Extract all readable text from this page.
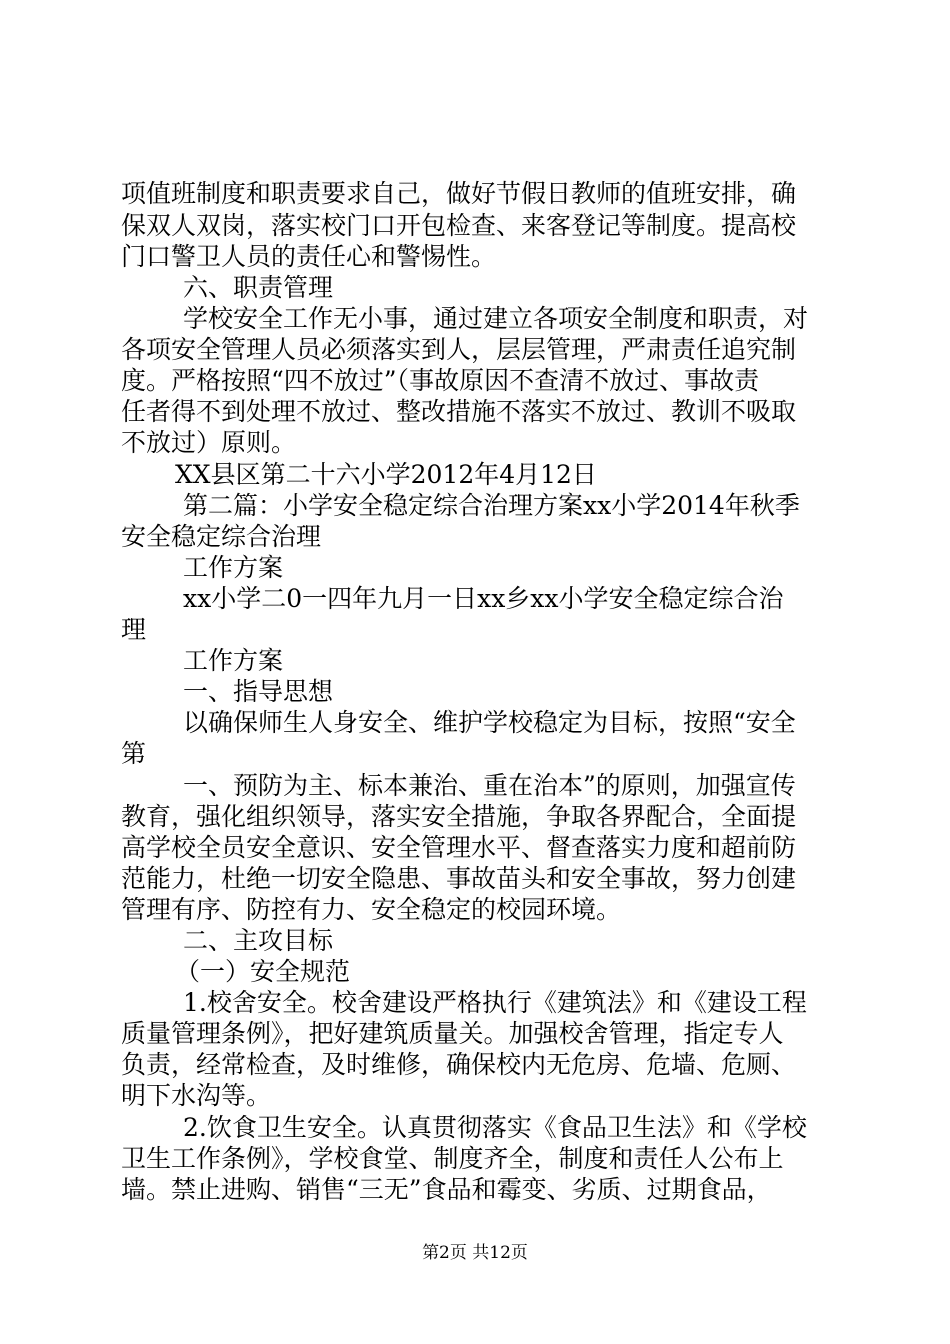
项值班制度和职责要求自己，做好节假日教师的值班安排，确
保双人双岗，落实校门口开包检查、来客登记等制度。提高校
门口警卫人员的责任心和警惕性。
六、职责管理
学校安全工作无小事，通过建立各项安全制度和职责，对
各项安全管理人员必须落实到人，层层管理，严肃责任追究制
度。严格按照“四不放过”（事故原因不查清不放过、事故责
任者得不到处理不放过、整改措施不落实不放过、教训不吸取
不放过）原则。
XX县区第二十六小学2012年4月12日
第二篇：小学安全稳定综合治理方案xx小学2014年秋季
安全稳定综合治理
工作方案
xx小学二0一四年九月一日xx乡xx小学安全稳定综合治
理
工作方案
一、指导思想
以确保师生人身安全、维护学校稳定为目标，按照“安全
第
一、预防为主、标本兼治、重在治本”的原则，加强宣传
教育，强化组织领导，落实安全措施，争取各界配合，全面提
高学校全员安全意识、安全管理水平、督查落实力度和超前防
范能力，杜绝一切安全隐患、事故苗头和安全事故，努力创建
管理有序、防控有力、安全稳定的校园环境。
二、主攻目标
（一）安全规范
1.校舍安全。校舍建设严格执行《建筑法》和《建设工程
质量管理条例》，把好建筑质量关。加强校舍管理，指定专人
负责，经常检查，及时维修，确保校内无危房、危墙、危厕、
明下水沟等。
2.饮食卫生安全。认真贯彻落实《食品卫生法》和《学校
卫生工作条例》，学校食堂、制度齐全，制度和责任人公布上
墙。禁止进购、销售“三无”食品和霉变、劣质、过期食品，
第2页 共12页
